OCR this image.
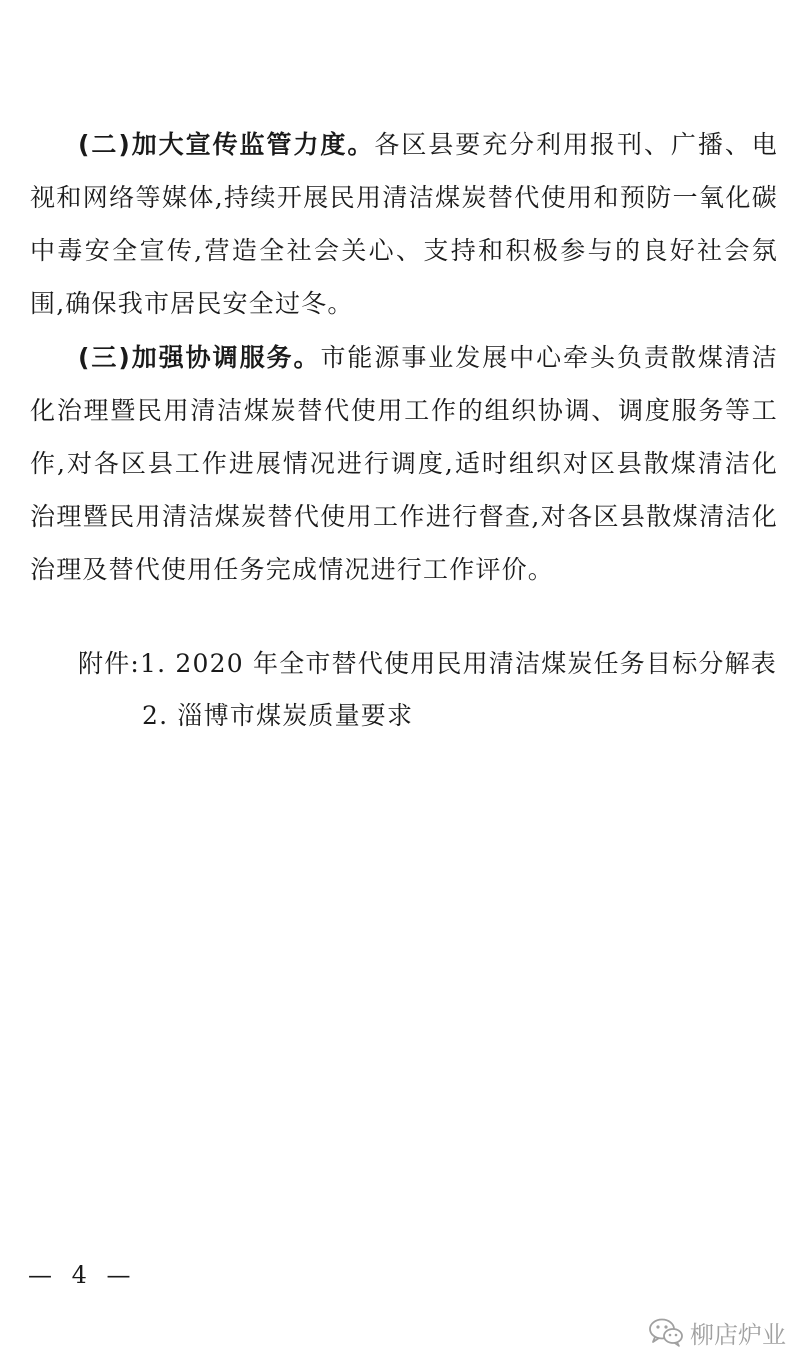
(二)加大宣传监管力度。各区县要充分利用报刊、广播、电视和网络等媒体,持续开展民用清洁煤炭替代使用和预防一氧化碳中毒安全宣传,营造全社会关心、支持和积极参与的良好社会氛围,确保我市居民安全过冬。

(三)加强协调服务。市能源事业发展中心牵头负责散煤清洁化治理暨民用清洁煤炭替代使用工作的组织协调、调度服务等工作,对各区县工作进展情况进行调度,适时组织对区县散煤清洁化治理暨民用清洁煤炭替代使用工作进行督查,对各区县散煤清洁化治理及替代使用任务完成情况进行工作评价。

附件:1. 2020 年全市替代使用民用清洁煤炭任务目标分解表

2. 淄博市煤炭质量要求

— 4 —
柳店炉业
